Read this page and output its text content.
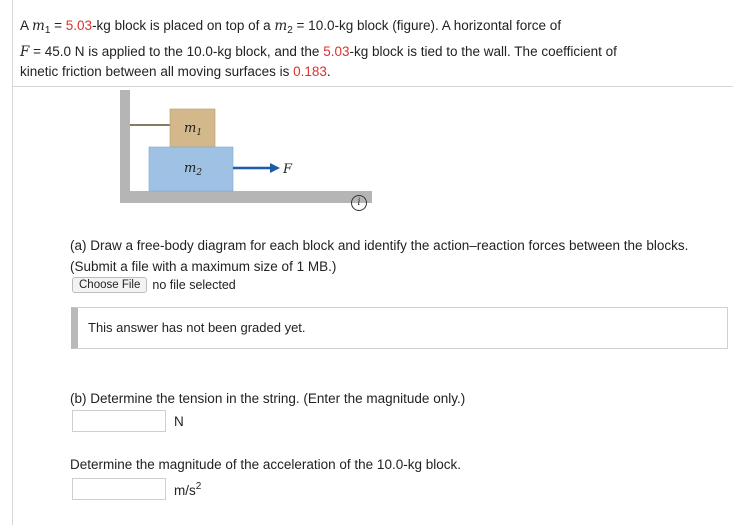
A $m_1 = 5.03-kg$ block is placed on top of a $m_2 = 10.0-kg$ block (figure). A horizontal force of
F = 45.0 N is applied to the 10.0-kg block, and the 5.03-kg block is tied to the wall. The coefficient of
kinetic friction between all moving surfaces is 0.183.
$m_1$
$m_2$	F
i
(a) Draw a free-body diagram for each block and identify the action–reaction forces between the blocks. (Submit a file with a maximum size of 1 MB.)
Choose File no file selected
This answer has not been graded yet.
(b) Determine the tension in the string. (Enter the magnitude only.)
N
Determine the magnitude of the acceleration of the 10.0-kg block.
$m/s^2$
